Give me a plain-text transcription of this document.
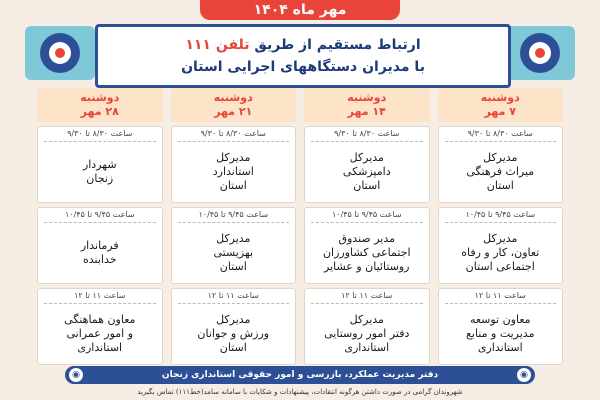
مهر ماه ۱۴۰۴
ارتباط مستقیم از طریق تلفن ۱۱۱
با مدیران دستگاههای اجرایی استان
دوشنبه
۷ مهر
دوشنبه
۱۴ مهر
دوشنبه
۲۱ مهر
دوشنبه
۲۸ مهر
ساعت ۸/۳۰ تا ۹/۳۰
مدیرکل
میراث فرهنگی
استان
ساعت ۸/۳۰ تا ۹/۳۰
مدیرکل
دامپزشکی
استان
ساعت ۸/۳۰ تا ۹/۳۰
مدیرکل
استاندارد
استان
ساعت ۸/۳۰ تا ۹/۳۰
شهردار
زنجان
ساعت ۹/۴۵ تا ۱۰/۴۵
مدیرکل
تعاون، کار و رفاه
اجتماعی استان
ساعت ۹/۴۵ تا ۱۰/۴۵
مدیر صندوق
اجتماعی کشاورزان
روستائیان و عشایر
ساعت ۹/۴۵ تا ۱۰/۴۵
مدیرکل
بهزیستی
استان
ساعت ۹/۴۵ تا ۱۰/۴۵
فرماندار
خدابنده
ساعت ۱۱ تا ۱۲
معاون توسعه
مدیریت و منابع
استانداری
ساعت ۱۱ تا ۱۲
مدیرکل
دفتر امور روستایی
استانداری
ساعت ۱۱ تا ۱۲
مدیرکل
ورزش و جوانان
استان
ساعت ۱۱ تا ۱۲
معاون هماهنگی
و امور عمرانی
استانداری
◉
دفتر مدیریت عملکرد، بازرسی و امور حقوقی استانداری زنجان
◉
شهروندان گرامی در صورت داشتن هرگونه انتقادات، پیشنهادات و شکایات با سامانه سامد(خط۱۱۱) تماس بگیرید
